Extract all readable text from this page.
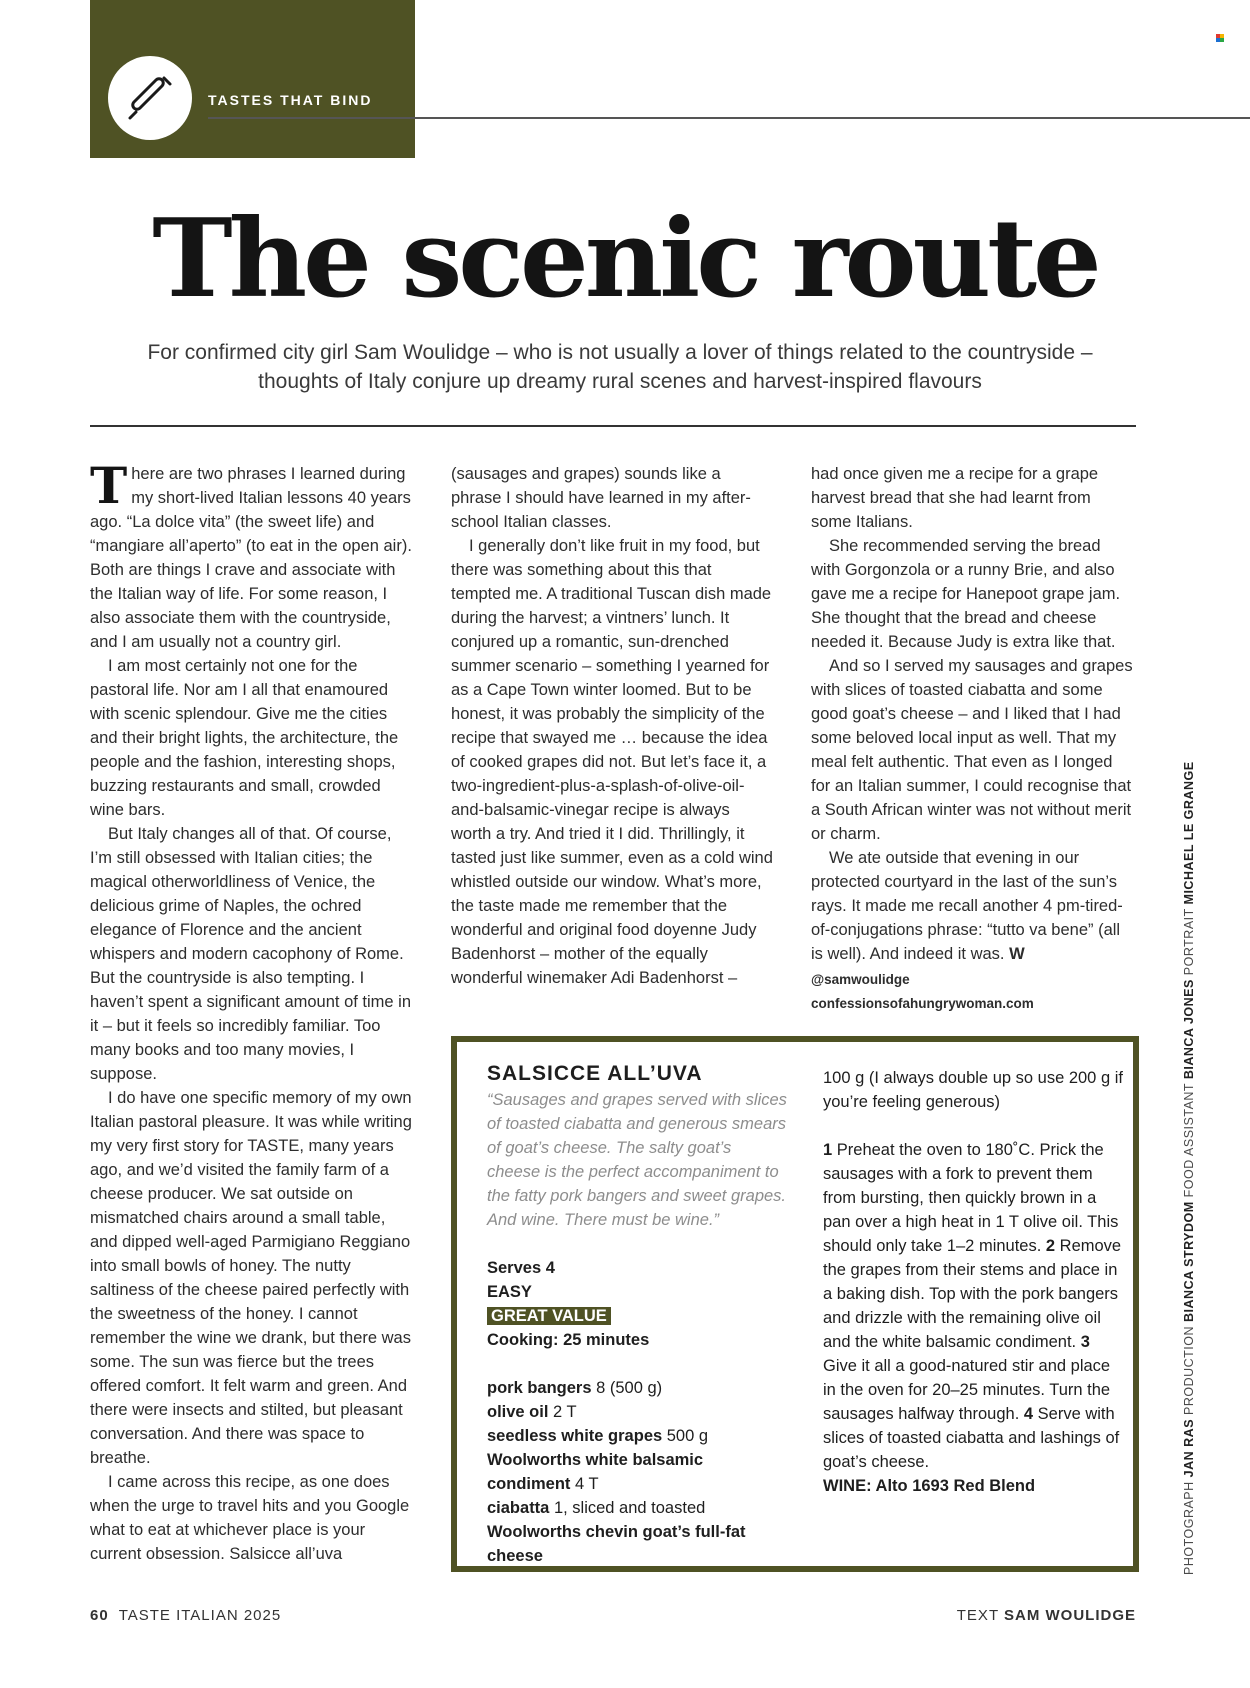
TASTES THAT BIND
The scenic route
For confirmed city girl Sam Woulidge – who is not usually a lover of things related to the countryside –
thoughts of Italy conjure up dreamy rural scenes and harvest-inspired flavours

There are two phrases I learned during my short-lived Italian lessons 40 years ago. “La dolce vita” (the sweet life) and “mangiare all’aperto” (to eat in the open air). Both are things I crave and associate with the Italian way of life. For some reason, I also associate them with the countryside, and I am usually not a country girl.

I am most certainly not one for the pastoral life. Nor am I all that enamoured with scenic splendour. Give me the cities and their bright lights, the architecture, the people and the fashion, interesting shops, buzzing restaurants and small, crowded wine bars.

But Italy changes all of that. Of course, I’m still obsessed with Italian cities; the magical otherworldliness of Venice, the delicious grime of Naples, the ochred elegance of Florence and the ancient whispers and modern cacophony of Rome. But the countryside is also tempting. I haven’t spent a significant amount of time in it – but it feels so incredibly familiar. Too many books and too many movies, I suppose.

I do have one specific memory of my own Italian pastoral pleasure. It was while writing my very first story for TASTE, many years ago, and we’d visited the family farm of a cheese producer. We sat outside on mismatched chairs around a small table, and dipped well-aged Parmigiano Reggiano into small bowls of honey. The nutty saltiness of the cheese paired perfectly with the sweetness of the honey. I cannot remember the wine we drank, but there was some. The sun was fierce but the trees offered comfort. It felt warm and green. And there were insects and stilted, but pleasant conversation. And there was space to breathe.

I came across this recipe, as one does when the urge to travel hits and you Google what to eat at whichever place is your current obsession. Salsicce all’uva

(sausages and grapes) sounds like a phrase I should have learned in my after-school Italian classes.

I generally don’t like fruit in my food, but there was something about this that tempted me. A traditional Tuscan dish made during the harvest; a vintners’ lunch. It conjured up a romantic, sun-drenched summer scenario – something I yearned for as a Cape Town winter loomed. But to be honest, it was probably the simplicity of the recipe that swayed me … because the idea of cooked grapes did not. But let’s face it, a two-ingredient-plus-a-splash-of-olive-oil-and-balsamic-vinegar recipe is always worth a try. And tried it I did. Thrillingly, it tasted just like summer, even as a cold wind whistled outside our window. What’s more, the taste made me remember that the wonderful and original food doyenne Judy Badenhorst – mother of the equally wonderful winemaker Adi Badenhorst –

had once given me a recipe for a grape harvest bread that she had learnt from some Italians.

She recommended serving the bread with Gorgonzola or a runny Brie, and also gave me a recipe for Hanepoot grape jam. She thought that the bread and cheese needed it. Because Judy is extra like that.

And so I served my sausages and grapes with slices of toasted ciabatta and some good goat’s cheese – and I liked that I had some beloved local input as well. That my meal felt authentic. That even as I longed for an Italian summer, I could recognise that a South African winter was not without merit or charm.

We ate outside that evening in our protected courtyard in the last of the sun’s rays. It made me recall another 4 pm-tired-of-conjugations phrase: “tutto va bene” (all is well). And indeed it was. W

@samwoulidge confessionsofahungrywoman.com
SALSICCE ALL’UVA

“Sausages and grapes served with slices of toasted ciabatta and generous smears of goat’s cheese. The salty goat’s cheese is the perfect accompaniment to the fatty pork bangers and sweet grapes. And wine. There must be wine.”

Serves 4
EASY
GREAT VALUE
Cooking: 25 minutes
pork bangers 8 (500 g)
olive oil 2 T
seedless white grapes 500 g
Woolworths white balsamic condiment 4 T
ciabatta 1, sliced and toasted
Woolworths chevin goat’s full-fat cheese
100 g (I always double up so use 200 g if you’re feeling generous)
1 Preheat the oven to 180˚C. Prick the sausages with a fork to prevent them from bursting, then quickly brown in a pan over a high heat in 1 T olive oil. This should only take 1–2 minutes. 2 Remove the grapes from their stems and place in a baking dish. Top with the pork bangers and drizzle with the remaining olive oil and the white balsamic condiment. 3 Give it all a good-natured stir and place in the oven for 20–25 minutes. Turn the sausages halfway through. 4 Serve with slices of toasted ciabatta and lashings of goat’s cheese.
WINE: Alto 1693 Red Blend	PHOTOGRAPH JAN RAS PRODUCTION BIANCA STRYDOM FOOD ASSISTANT BIANCA JONES PORTRAIT MICHAEL LE GRANGE
60 TASTE ITALIAN 2025	TEXT SAM WOULIDGE
